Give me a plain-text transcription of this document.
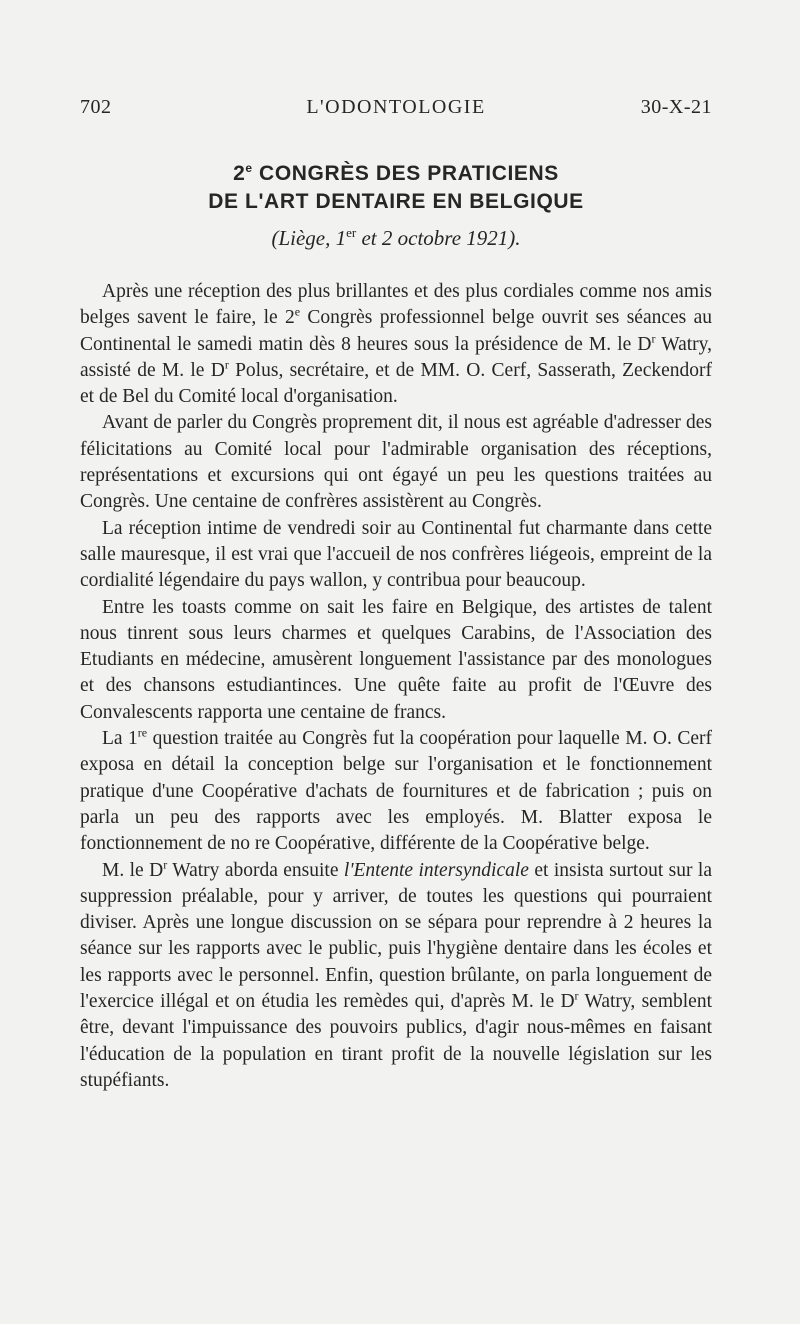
702	L'ODONTOLOGIE	30-X-21
2e CONGRÈS DES PRATICIENS
DE L'ART DENTAIRE EN BELGIQUE
(Liège, 1er et 2 octobre 1921).

Après une réception des plus brillantes et des plus cordiales comme nos amis belges savent le faire, le 2e Congrès professionnel belge ouvrit ses séances au Continental le samedi matin dès 8 heures sous la présidence de M. le $D^r$ Watry, assisté de M. le $D^r$ Polus, secrétaire, et de MM. O. Cerf, Sasserath, Zeckendorf et de Bel du Comité local d'organisation.

Avant de parler du Congrès proprement dit, il nous est agréable d'adresser des félicitations au Comité local pour l'admirable organisation des réceptions, représentations et excursions qui ont égayé un peu les questions traitées au Congrès. Une centaine de confrères assistèrent au Congrès.

La réception intime de vendredi soir au Continental fut charmante dans cette salle mauresque, il est vrai que l'accueil de nos confrères liégeois, empreint de la cordialité légendaire du pays wallon, y contribua pour beaucoup.

Entre les toasts comme on sait les faire en Belgique, des artistes de talent nous tinrent sous leurs charmes et quelques Carabins, de l'Association des Etudiants en médecine, amusèrent longuement l'assistance par des monologues et des chansons estudiantinces. Une quête faite au profit de l'Œuvre des Convalescents rapporta une centaine de francs.

La 1re question traitée au Congrès fut la coopération pour laquelle M. O. Cerf exposa en détail la conception belge sur l'organisation et le fonctionnement pratique d'une Coopérative d'achats de fournitures et de fabrication ; puis on parla un peu des rapports avec les employés. M. Blatter exposa le fonctionnement de no re Coopérative, différente de la Coopérative belge.

M. le $D^r$ Watry aborda ensuite l'Entente intersyndicale et insista surtout sur la suppression préalable, pour y arriver, de toutes les questions qui pourraient diviser. Après une longue discussion on se sépara pour reprendre à 2 heures la séance sur les rapports avec le public, puis l'hygiène dentaire dans les écoles et les rapports avec le personnel. Enfin, question brûlante, on parla longuement de l'exercice illégal et on étudia les remèdes qui, d'après M. le $D^r$ Watry, semblent être, devant l'impuissance des pouvoirs publics, d'agir nous-mêmes en faisant l'éducation de la population en tirant profit de la nouvelle législation sur les stupéfiants.
